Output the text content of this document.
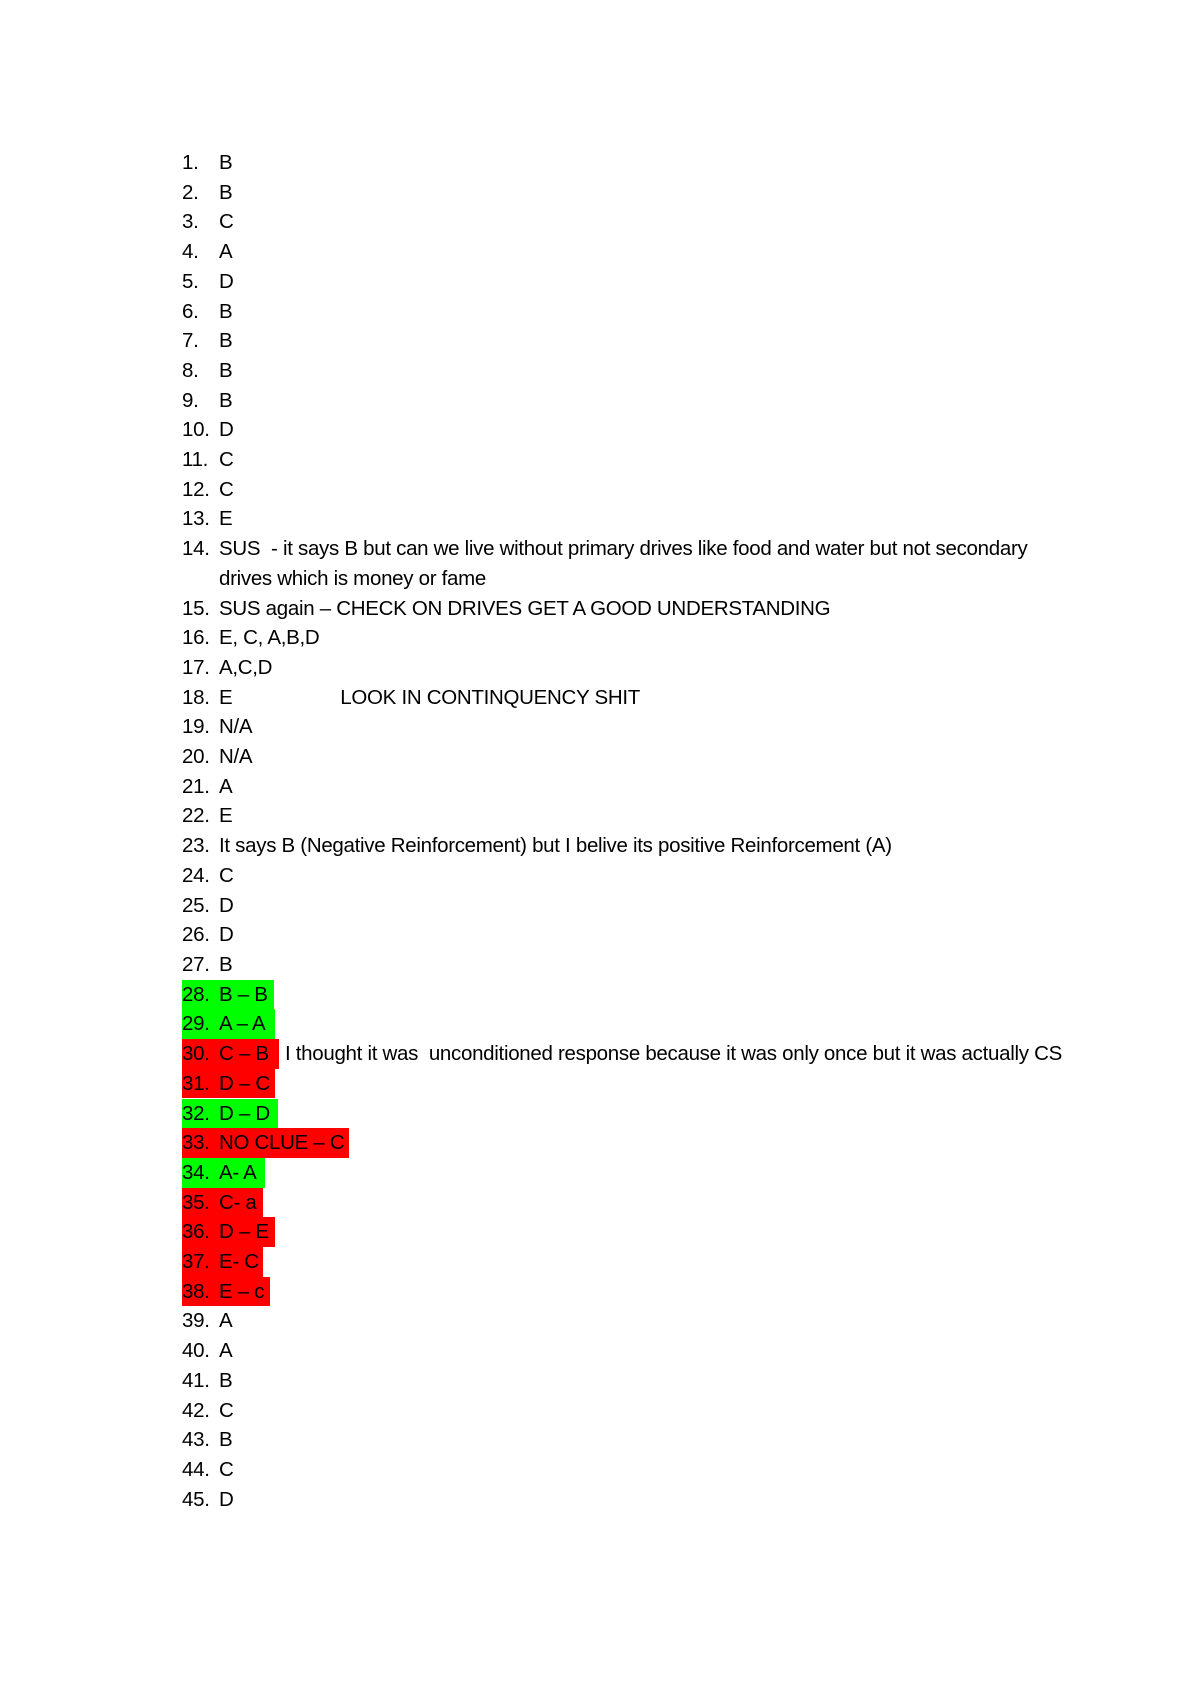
1.	B
2.	B
3.	C
4.	A
5.	D
6.	B
7.	B
8.	B
9.	B
10. D
11. C
12. C
13. E
14. SUS  - it says B but can we live without primary drives like food and water but not secondary drives which is money or fame
15. SUS again – CHECK ON DRIVES GET A GOOD UNDERSTANDING
16. E, C, A,B,D
17. A,C,D
18. E                    LOOK IN CONTINQUENCY SHIT
19. N/A
20. N/A
21. A
22. E
23. It says B (Negative Reinforcement) but I belive its positive Reinforcement (A)
24. C
25. D
26. D
27. B
28. B – B
29. A – A
30. C – B   I thought it was  unconditioned response because it was only once but it was actually CS
31. D – C
32. D – D
33. NO CLUE – C
34. A- A
35. C- a
36. D – E
37. E- C
38. E – c
39. A
40. A
41. B
42. C
43. B
44. C
45. D
